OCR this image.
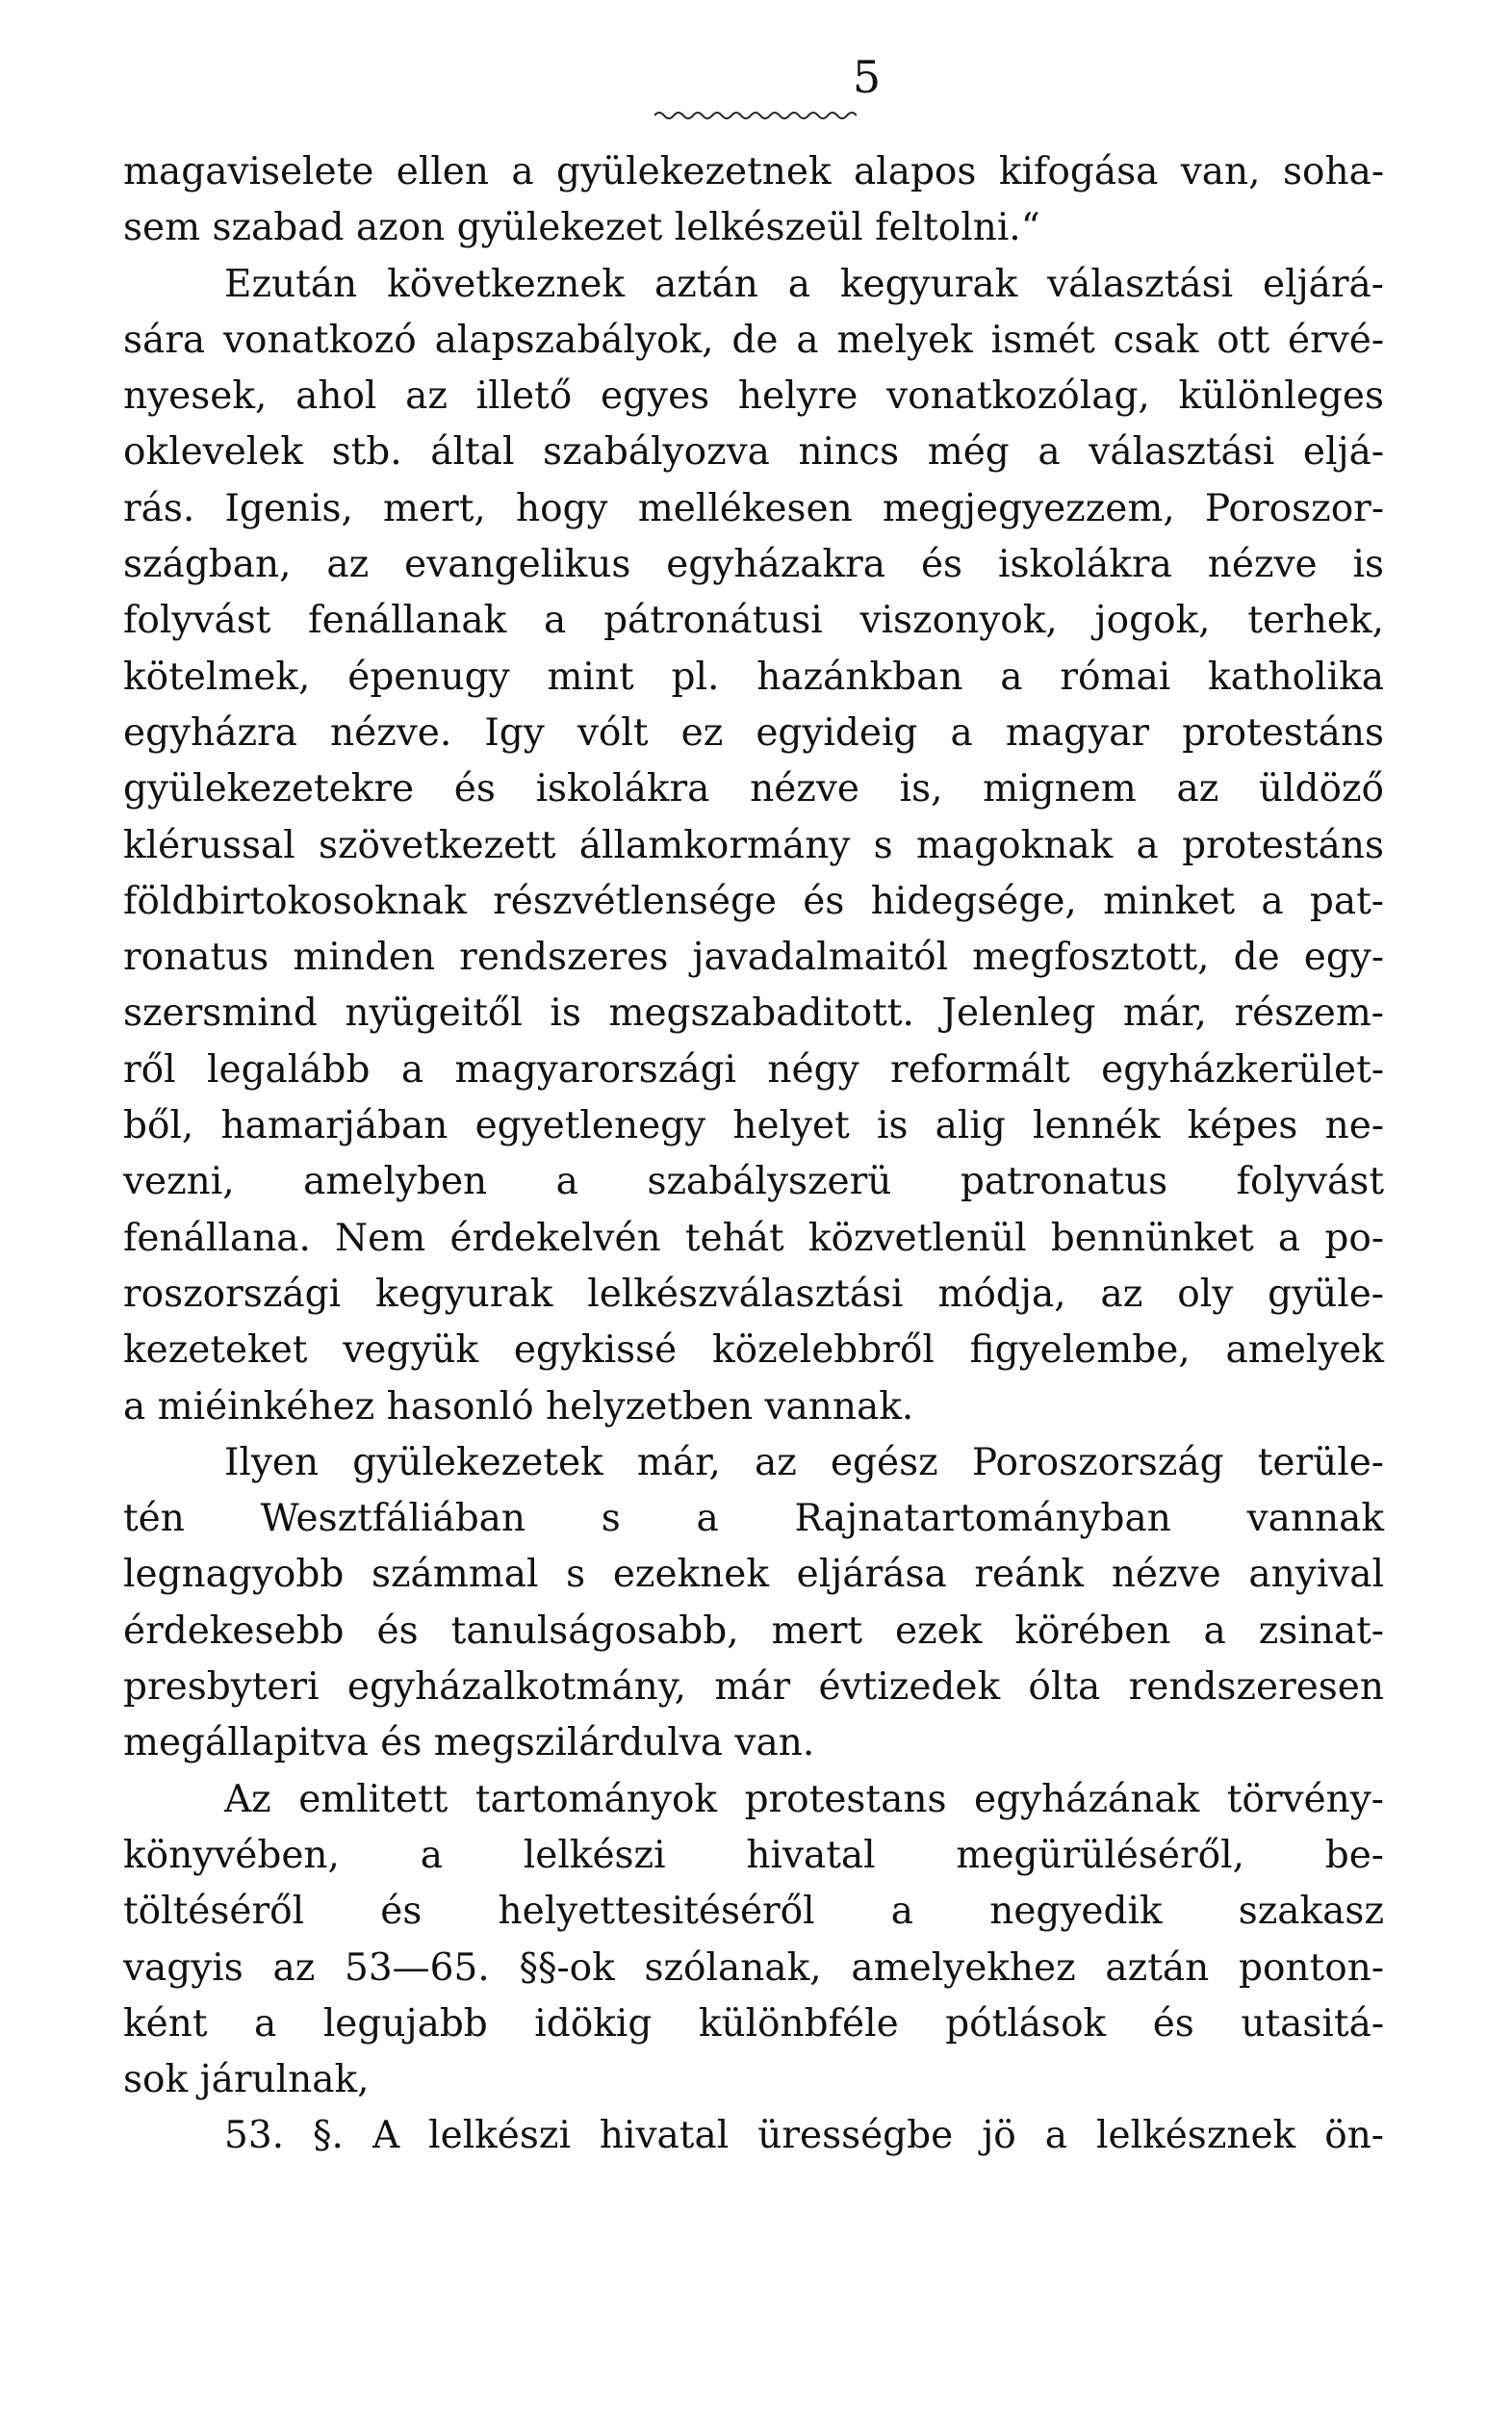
5
magaviselete ellen a gyülekezetnek alapos kifogása van, soha-
sem szabad azon gyülekezet lelkészeül feltolni.“
Ezután következnek aztán a kegyurak választási eljárá-
sára vonatkozó alapszabályok, de a melyek ismét csak ott érvé-
nyesek, ahol az illető egyes helyre vonatkozólag, különleges
oklevelek stb. által szabályozva nincs még a választási eljá-
rás. Igenis, mert, hogy mellékesen megjegyezzem, Poroszor-
szágban, az evangelikus egyházakra és iskolákra nézve is
folyvást fenállanak a pátronátusi viszonyok, jogok, terhek,
kötelmek, épenugy mint pl. hazánkban a római katholika
egyházra nézve. Igy vólt ez egyideig a magyar protestáns
gyülekezetekre és iskolákra nézve is, mignem az üldöző
klérussal szövetkezett államkormány s magoknak a protestáns
földbirtokosoknak részvétlensége és hidegsége, minket a pat-
ronatus minden rendszeres javadalmaitól megfosztott, de egy-
szersmind nyügeitől is megszabaditott. Jelenleg már, részem-
ről legalább a magyarországi négy reformált egyházkerület-
ből, hamarjában egyetlenegy helyet is alig lennék képes ne-
vezni, amelyben a szabályszerü patronatus folyvást
fenállana. Nem érdekelvén tehát közvetlenül bennünket a po-
roszországi kegyurak lelkészválasztási módja, az oly gyüle-
kezeteket vegyük egykissé közelebbről figyelembe, amelyek
a miéinkéhez hasonló helyzetben vannak.
Ilyen gyülekezetek már, az egész Poroszország terüle-
tén Wesztfáliában s a Rajnatartományban vannak
legnagyobb számmal s ezeknek eljárása reánk nézve anyival
érdekesebb és tanulságosabb, mert ezek körében a zsinat-
presbyteri egyházalkotmány, már évtizedek ólta rendszeresen
megállapitva és megszilárdulva van.
Az emlitett tartományok protestans egyházának törvény-
könyvében, a lelkészi hivatal megürüléséről, be-
töltéséről és helyettesitéséről a negyedik szakasz
vagyis az 53—65. §§-ok szólanak, amelyekhez aztán ponton-
ként a legujabb idökig különbféle pótlások és utasitá-
sok járulnak,
53. §. A lelkészi hivatal ürességbe jö a lelkésznek ön-
